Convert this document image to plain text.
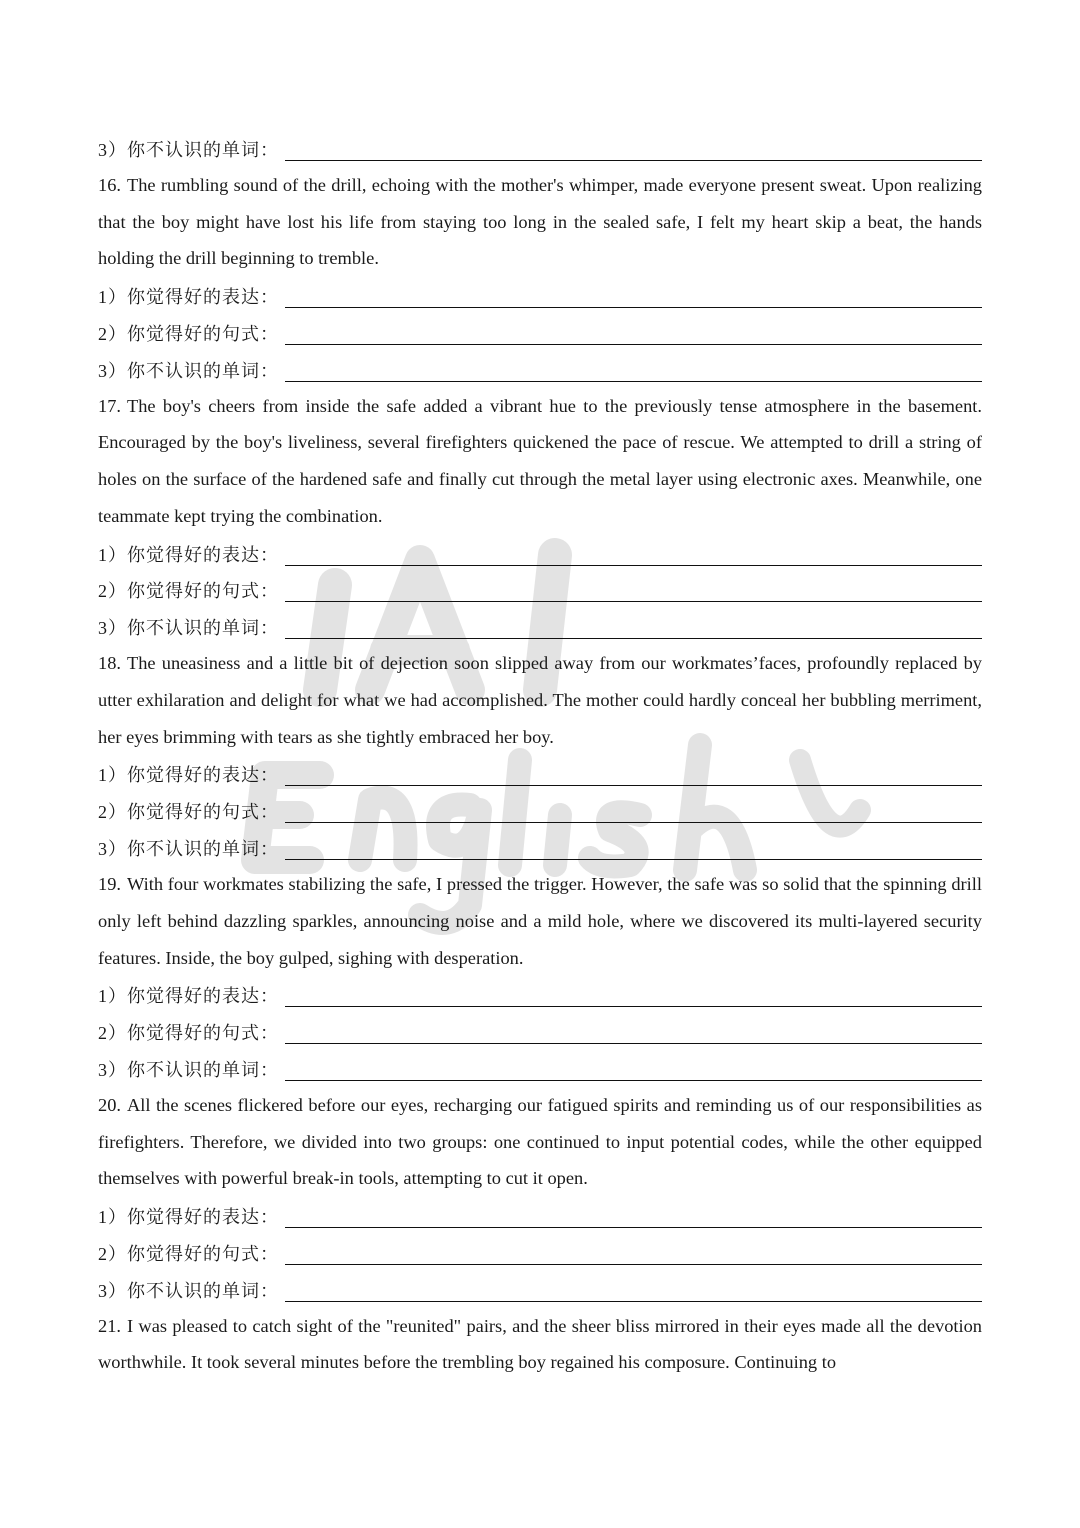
3）你不认识的单词：

16. The rumbling sound of the drill, echoing with the mother's whimper, made everyone present sweat. Upon realizing that the boy might have lost his life from staying too long in the sealed safe, I felt my heart skip a beat, the hands holding the drill beginning to tremble.

1）你觉得好的表达：
2）你觉得好的句式：
3）你不认识的单词：

17. The boy's cheers from inside the safe added a vibrant hue to the previously tense atmosphere in the basement. Encouraged by the boy's liveliness, several firefighters quickened the pace of rescue. We attempted to drill a string of holes on the surface of the hardened safe and finally cut through the metal layer using electronic axes. Meanwhile, one teammate kept trying the combination.

1）你觉得好的表达：
2）你觉得好的句式：
3）你不认识的单词：

18. The uneasiness and a little bit of dejection soon slipped away from our workmates’faces, profoundly replaced by utter exhilaration and delight for what we had accomplished. The mother could hardly conceal her bubbling merriment, her eyes brimming with tears as she tightly embraced her boy.

1）你觉得好的表达：
2）你觉得好的句式：
3）你不认识的单词：

19. With four workmates stabilizing the safe, I pressed the trigger. However, the safe was so solid that the spinning drill only left behind dazzling sparkles, announcing noise and a mild hole, where we discovered its multi-layered security features. Inside, the boy gulped, sighing with desperation.

1）你觉得好的表达：
2）你觉得好的句式：
3）你不认识的单词：

20. All the scenes flickered before our eyes, recharging our fatigued spirits and reminding us of our responsibilities as firefighters. Therefore, we divided into two groups: one continued to input potential codes, while the other equipped themselves with powerful break-in tools, attempting to cut it open.

1）你觉得好的表达：
2）你觉得好的句式：
3）你不认识的单词：

21. I was pleased to catch sight of the "reunited" pairs, and the sheer bliss mirrored in their eyes made all the devotion worthwhile. It took several minutes before the trembling boy regained his composure. Continuing to
